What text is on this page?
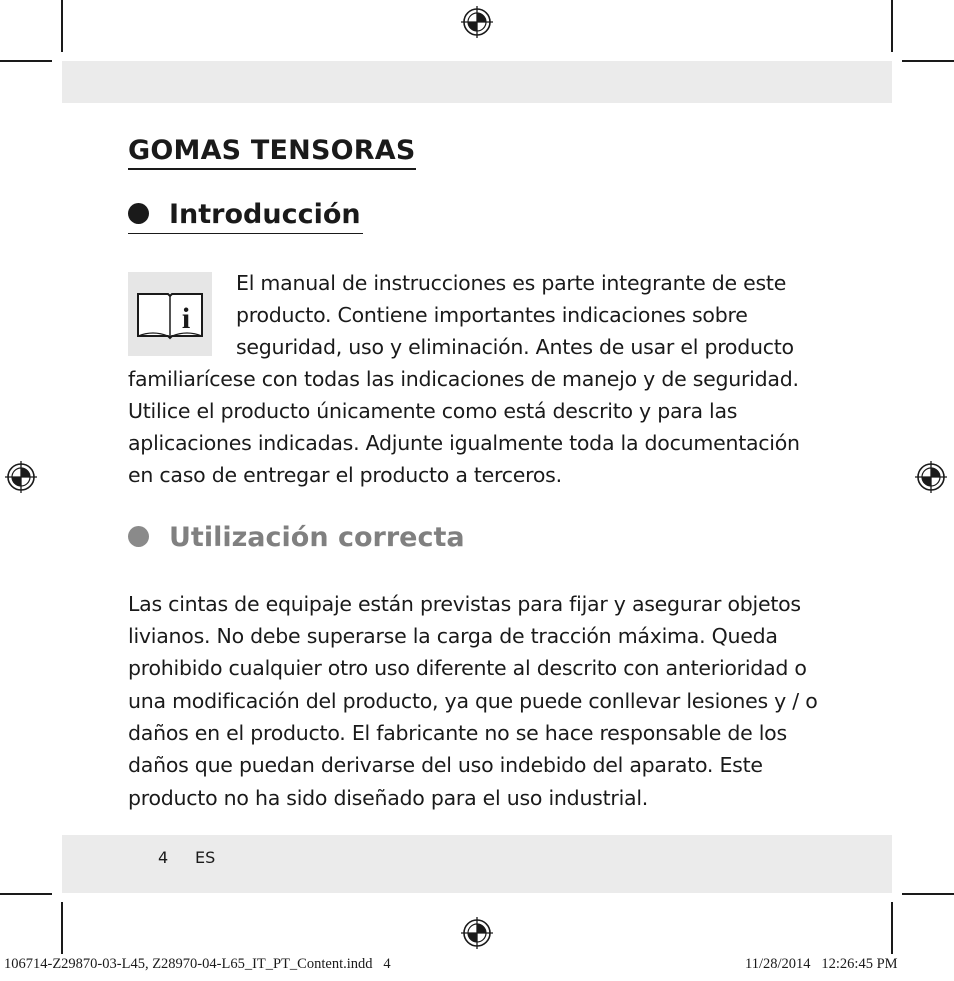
GOMAS TENSORAS
Introducción
i

El manual de instrucciones es parte integrante de este

producto. Contiene importantes indicaciones sobre

seguridad, uso y eliminación. Antes de usar el producto

familiarícese con todas las indicaciones de manejo y de seguridad.

Utilice el producto únicamente como está descrito y para las

aplicaciones indicadas. Adjunte igualmente toda la documentación

en caso de entregar el producto a terceros.

Utilización correcta

Las cintas de equipaje están previstas para fijar y asegurar objetos

livianos. No debe superarse la carga de tracción máxima. Queda

prohibido cualquier otro uso diferente al descrito con anterioridad o

una modificación del producto, ya que puede conllevar lesiones y / o

daños en el producto. El fabricante no se hace responsable de los

daños que puedan derivarse del uso indebido del aparato. Este

producto no ha sido diseñado para el uso industrial.

4 ES
106714-Z29870-03-L45, Z28970-04-L65_IT_PT_Content.indd   4	11/28/2014   12:26:45 PM
